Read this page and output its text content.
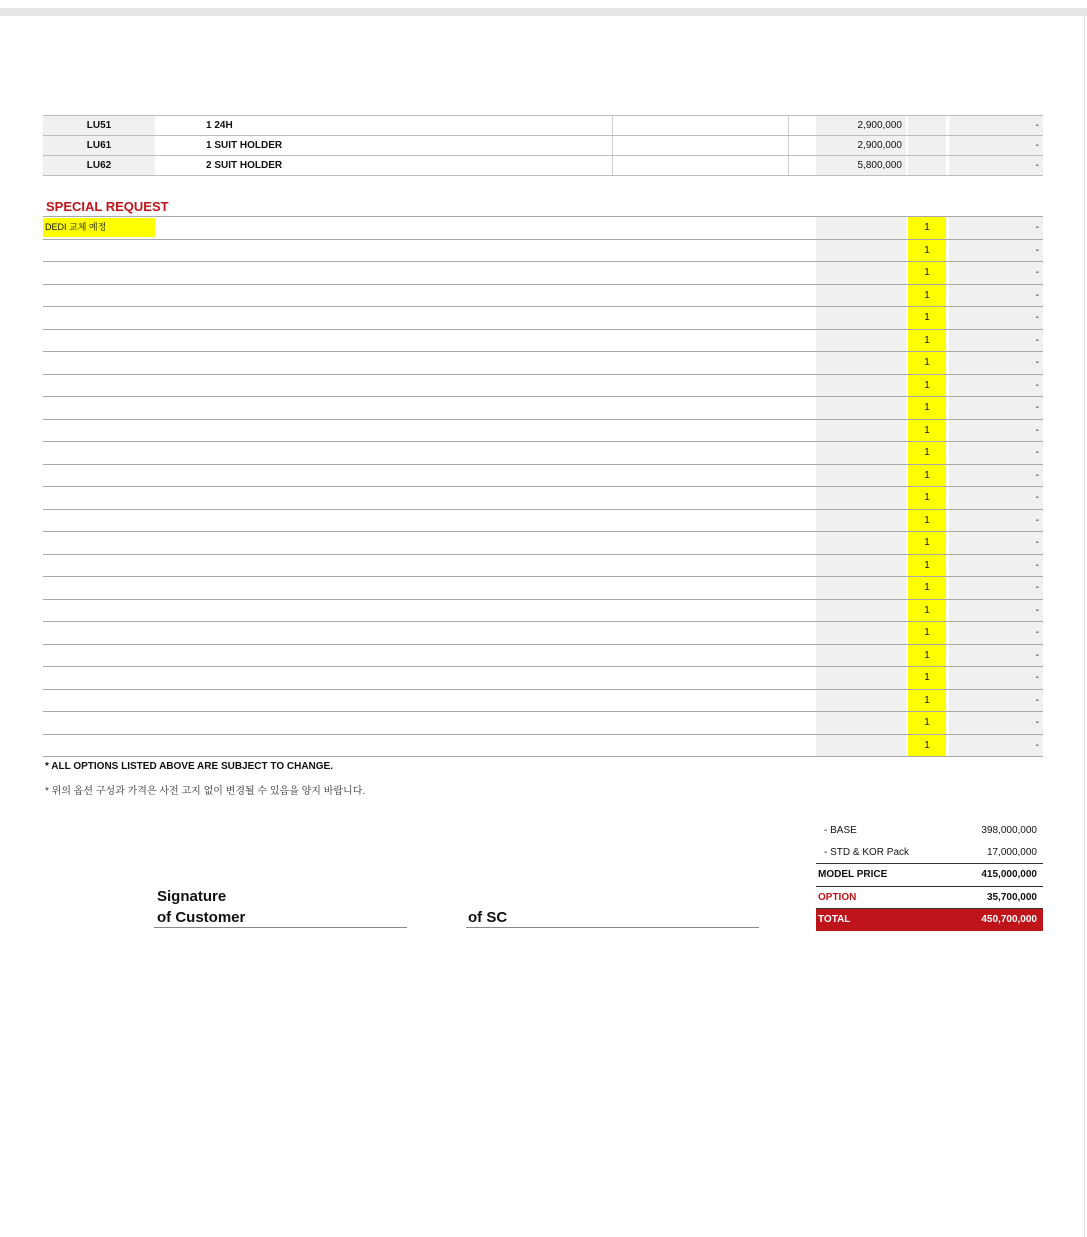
LU51	1 24H	2,900,000	-
LU61	1 SUIT HOLDER	2,900,000	-
LU62	2 SUIT HOLDER	5,800,000	-
SPECIAL REQUEST
DEDI 교체 예정	1	-
1	-
1	-
1	-
1	-
1	-
1	-
1	-
1	-
1	-
1	-
1	-
1	-
1	-
1	-
1	-
1	-
1	-
1	-
1	-
1	-
1	-
1	-
1	-
* ALL OPTIONS LISTED ABOVE ARE SUBJECT TO CHANGE.
* 위의 옵션 구성과 가격은 사전 고지 없이 변경될 수 있음을 양지 바랍니다.
Signature
of Customer	of SC
- BASE	398,000,000
- STD & KOR Pack	17,000,000
MODEL PRICE	415,000,000
OPTION	35,700,000
TOTAL	450,700,000
